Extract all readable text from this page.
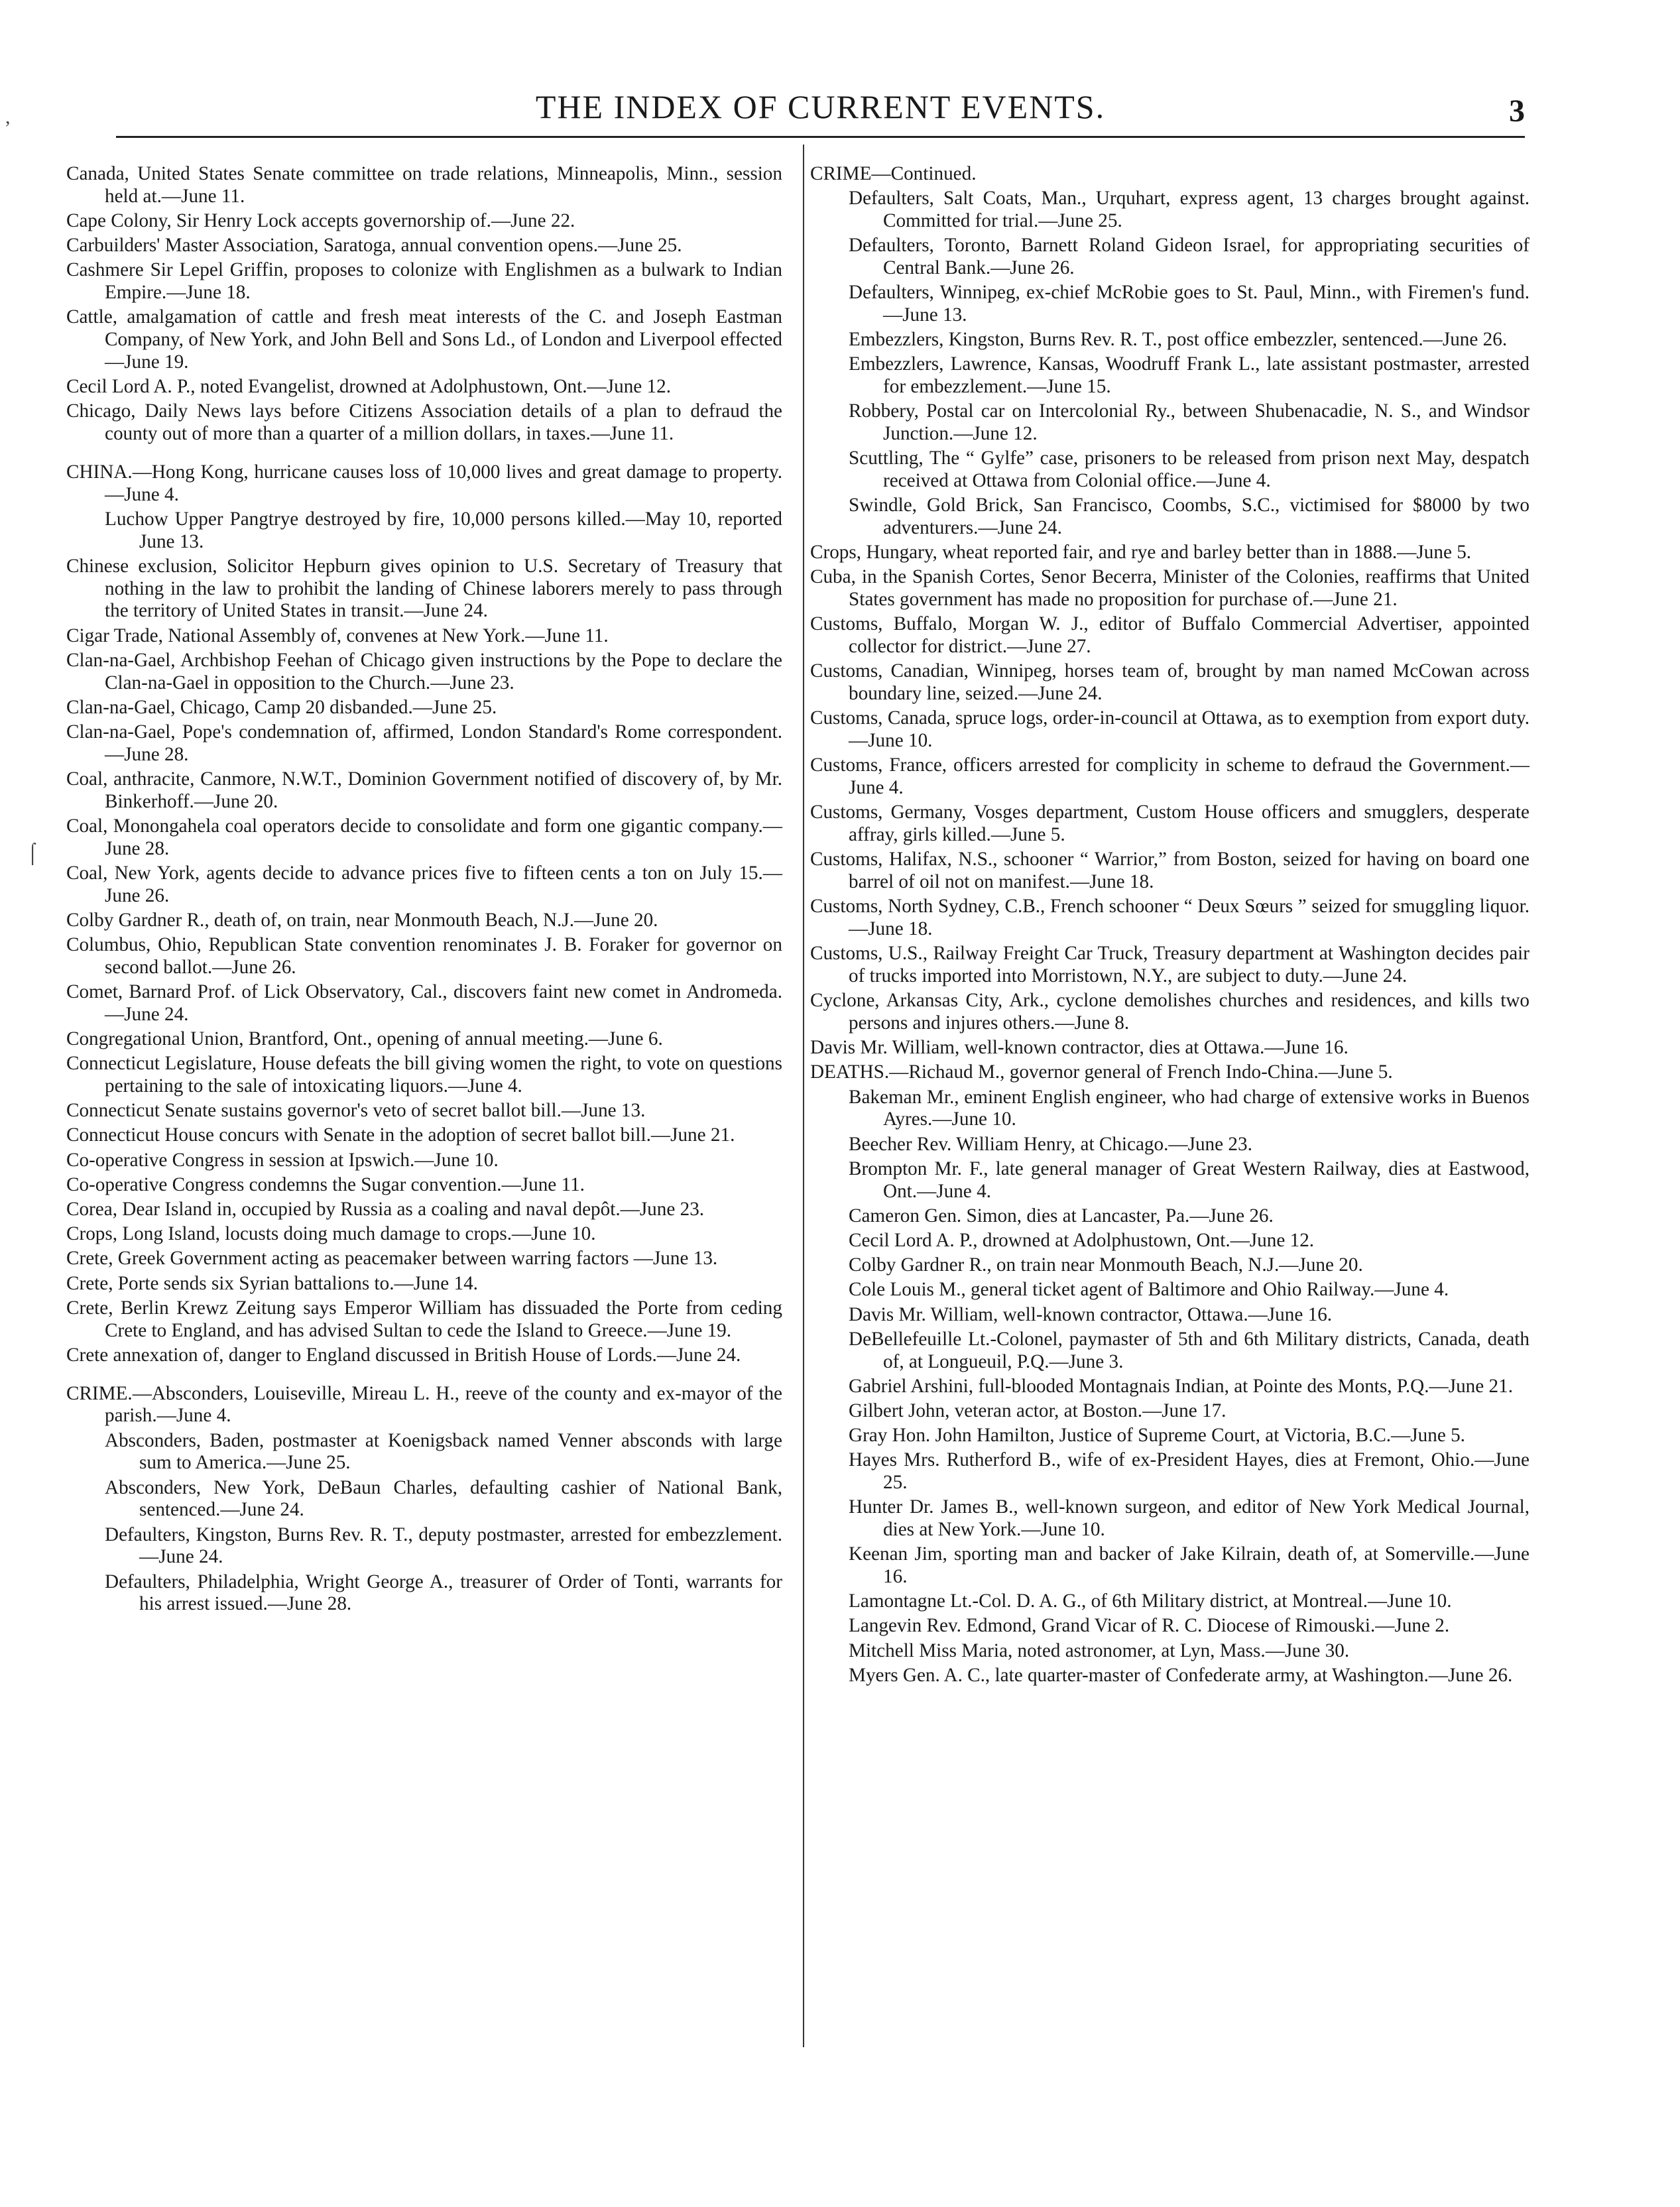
THE INDEX OF CURRENT EVENTS.	3
,
⌠

Canada, United States Senate committee on trade relations, Minneapolis, Minn., session held at.—June 11.

Cape Colony, Sir Henry Lock accepts governorship of.—June 22.

Carbuilders' Master Association, Saratoga, annual convention opens.—June 25.

Cashmere Sir Lepel Griffin, proposes to colonize with Englishmen as a bulwark to Indian Empire.—June 18.

Cattle, amalgamation of cattle and fresh meat interests of the C. and Joseph Eastman Company, of New York, and John Bell and Sons Ld., of London and Liverpool effected —June 19.

Cecil Lord A. P., noted Evangelist, drowned at Adolphustown, Ont.—June 12.

Chicago, Daily News lays before Citizens Association details of a plan to defraud the county out of more than a quarter of a million dollars, in taxes.—June 11.

CHINA.—Hong Kong, hurricane causes loss of 10,000 lives and great damage to property.—June 4.

Luchow Upper Pangtrye destroyed by fire, 10,000 persons killed.—May 10, reported June 13.

Chinese exclusion, Solicitor Hepburn gives opinion to U.S. Secretary of Treasury that nothing in the law to prohibit the landing of Chinese laborers merely to pass through the territory of United States in transit.—June 24.

Cigar Trade, National Assembly of, convenes at New York.—June 11.

Clan-na-Gael, Archbishop Feehan of Chicago given instructions by the Pope to declare the Clan-na-Gael in opposition to the Church.—June 23.

Clan-na-Gael, Chicago, Camp 20 disbanded.—June 25.

Clan-na-Gael, Pope's condemnation of, affirmed, London Standard's Rome correspondent.—June 28.

Coal, anthracite, Canmore, N.W.T., Dominion Government notified of discovery of, by Mr. Binkerhoff.—June 20.

Coal, Monongahela coal operators decide to consolidate and form one gigantic company.—June 28.

Coal, New York, agents decide to advance prices five to fifteen cents a ton on July 15.—June 26.

Colby Gardner R., death of, on train, near Monmouth Beach, N.J.—June 20.

Columbus, Ohio, Republican State convention renominates J. B. Foraker for governor on second ballot.—June 26.

Comet, Barnard Prof. of Lick Observatory, Cal., discovers faint new comet in Andromeda.—June 24.

Congregational Union, Brantford, Ont., opening of annual meeting.—June 6.

Connecticut Legislature, House defeats the bill giving women the right, to vote on questions pertaining to the sale of intoxicating liquors.—June 4.

Connecticut Senate sustains governor's veto of secret ballot bill.—June 13.

Connecticut House concurs with Senate in the adoption of secret ballot bill.—June 21.

Co-operative Congress in session at Ipswich.—June 10.

Co-operative Congress condemns the Sugar convention.—June 11.

Corea, Dear Island in, occupied by Russia as a coaling and naval depôt.—June 23.

Crops, Long Island, locusts doing much damage to crops.—June 10.

Crete, Greek Government acting as peacemaker between warring factors —June 13.

Crete, Porte sends six Syrian battalions to.—June 14.

Crete, Berlin Krewz Zeitung says Emperor William has dissuaded the Porte from ceding Crete to England, and has advised Sultan to cede the Island to Greece.—June 19.

Crete annexation of, danger to England discussed in British House of Lords.—June 24.

CRIME.—Absconders, Louiseville, Mireau L. H., reeve of the county and ex-mayor of the parish.—June 4.

Absconders, Baden, postmaster at Koenigsback named Venner absconds with large sum to America.—June 25.

Absconders, New York, DeBaun Charles, defaulting cashier of National Bank, sentenced.—June 24.

Defaulters, Kingston, Burns Rev. R. T., deputy postmaster, arrested for embezzlement.—June 24.

Defaulters, Philadelphia, Wright George A., treasurer of Order of Tonti, warrants for his arrest issued.—June 28.

CRIME—Continued.

Defaulters, Salt Coats, Man., Urquhart, express agent, 13 charges brought against. Committed for trial.—June 25.

Defaulters, Toronto, Barnett Roland Gideon Israel, for appropriating securities of Central Bank.—June 26.

Defaulters, Winnipeg, ex-chief McRobie goes to St. Paul, Minn., with Firemen's fund.—June 13.

Embezzlers, Kingston, Burns Rev. R. T., post office embezzler, sentenced.—June 26.

Embezzlers, Lawrence, Kansas, Woodruff Frank L., late assistant postmaster, arrested for embezzlement.—June 15.

Robbery, Postal car on Intercolonial Ry., between Shubenacadie, N. S., and Windsor Junction.—June 12.

Scuttling, The “ Gylfe” case, prisoners to be released from prison next May, despatch received at Ottawa from Colonial office.—June 4.

Swindle, Gold Brick, San Francisco, Coombs, S.C., victimised for $8000 by two adventurers.—June 24.

Crops, Hungary, wheat reported fair, and rye and barley better than in 1888.—June 5.

Cuba, in the Spanish Cortes, Senor Becerra, Minister of the Colonies, reaffirms that United States government has made no proposition for purchase of.—June 21.

Customs, Buffalo, Morgan W. J., editor of Buffalo Commercial Advertiser, appointed collector for district.—June 27.

Customs, Canadian, Winnipeg, horses team of, brought by man named McCowan across boundary line, seized.—June 24.

Customs, Canada, spruce logs, order-in-council at Ottawa, as to exemption from export duty.—June 10.

Customs, France, officers arrested for complicity in scheme to defraud the Government.—June 4.

Customs, Germany, Vosges department, Custom House officers and smugglers, desperate affray, girls killed.—June 5.

Customs, Halifax, N.S., schooner “ Warrior,” from Boston, seized for having on board one barrel of oil not on manifest.—June 18.

Customs, North Sydney, C.B., French schooner “ Deux Sœurs ” seized for smuggling liquor.—June 18.

Customs, U.S., Railway Freight Car Truck, Treasury department at Washington decides pair of trucks imported into Morristown, N.Y., are subject to duty.—June 24.

Cyclone, Arkansas City, Ark., cyclone demolishes churches and residences, and kills two persons and injures others.—June 8.

Davis Mr. William, well-known contractor, dies at Ottawa.—June 16.

DEATHS.—Richaud M., governor general of French Indo-China.—June 5.

Bakeman Mr., eminent English engineer, who had charge of extensive works in Buenos Ayres.—June 10.

Beecher Rev. William Henry, at Chicago.—June 23.

Brompton Mr. F., late general manager of Great Western Railway, dies at Eastwood, Ont.—June 4.

Cameron Gen. Simon, dies at Lancaster, Pa.—June 26.

Cecil Lord A. P., drowned at Adolphustown, Ont.—June 12.

Colby Gardner R., on train near Monmouth Beach, N.J.—June 20.

Cole Louis M., general ticket agent of Baltimore and Ohio Railway.—June 4.

Davis Mr. William, well-known contractor, Ottawa.—June 16.

DeBellefeuille Lt.-Colonel, paymaster of 5th and 6th Military districts, Canada, death of, at Longueuil, P.Q.—June 3.

Gabriel Arshini, full-blooded Montagnais Indian, at Pointe des Monts, P.Q.—June 21.

Gilbert John, veteran actor, at Boston.—June 17.

Gray Hon. John Hamilton, Justice of Supreme Court, at Victoria, B.C.—June 5.

Hayes Mrs. Rutherford B., wife of ex-President Hayes, dies at Fremont, Ohio.—June 25.

Hunter Dr. James B., well-known surgeon, and editor of New York Medical Journal, dies at New York.—June 10.

Keenan Jim, sporting man and backer of Jake Kilrain, death of, at Somerville.—June 16.

Lamontagne Lt.-Col. D. A. G., of 6th Military district, at Montreal.—June 10.

Langevin Rev. Edmond, Grand Vicar of R. C. Diocese of Rimouski.—June 2.

Mitchell Miss Maria, noted astronomer, at Lyn, Mass.—June 30.

Myers Gen. A. C., late quarter-master of Confederate army, at Washington.—June 26.
